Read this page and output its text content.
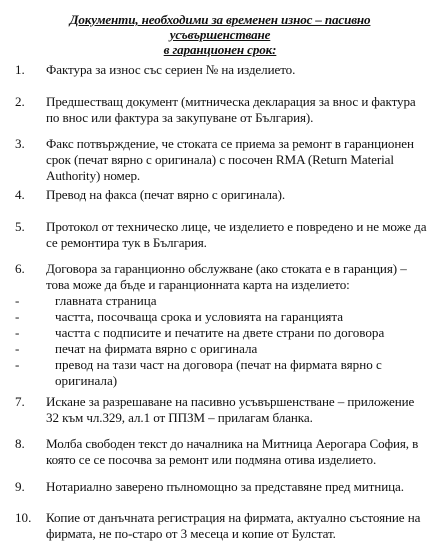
Документи, необходими за временен износ – пасивно усъвършенстване
в гаранционен срок:
1.	Фактура за износ със сериен № на изделието.
2.	Предшестващ документ (митническа декларация за внос и фактура по внос или фактура за закупуване от България).
3.	Факс потвърждение, че стоката се приема за ремонт в гаранционен срок (печат вярно с оригинала) с посочен RMA (Return Material Authority) номер.
4.	Превод на факса (печат вярно с оригинала).
5.	Протокол от техническо лице, че изделието е повредено и не може да се ремонтира тук в България.
6.	Договора за гаранционно обслужване (ако стоката е в гаранция) – това може да бъде и гаранционната карта на изделието:
-	главната страница
-	частта, посочваща срока и условията на гаранцията
-	частта с подписите и печатите на двете страни по договора
-	печат на фирмата вярно с оригинала
-	превод на тази част на договора (печат на фирмата вярно с оригинала)
7.	Искане за разрешаване на пасивно усъвършенстване – приложение 32 към чл.329, ал.1 от ППЗМ – прилагам бланка.
8.	Молба свободен текст до началника на Митница Аерогара София, в която се се посочва за ремонт или подмяна отива изделието.
9.	Нотариално заверено пълномощно за представяне пред митница.
10.	Копие от данъчната регистрация на фирмата, актуално състояние на фирмата, не по-старо от 3 месеца и копие от Булстат.
